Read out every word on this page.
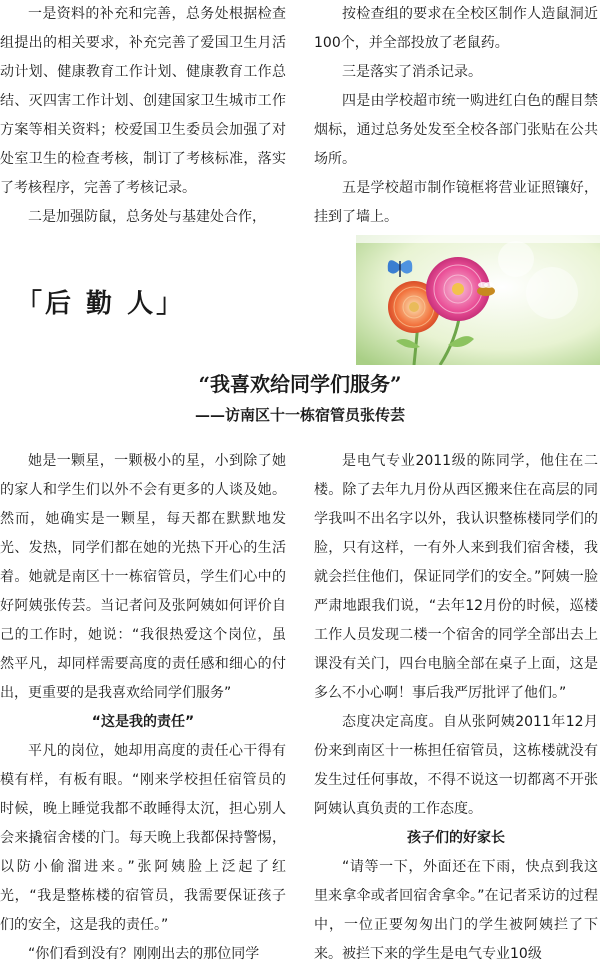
一是资料的补充和完善，总务处根据检查组提出的相关要求，补充完善了爱国卫生月活动计划、健康教育工作计划、健康教育工作总结、灭四害工作计划、创建国家卫生城市工作方案等相关资料；校爱国卫生委员会加强了对处室卫生的检查考核，制订了考核标准，落实了考核程序，完善了考核记录。

二是加强防鼠，总务处与基建处合作，

按检查组的要求在全校区制作人造鼠洞近100个，并全部投放了老鼠药。

三是落实了消杀记录。

四是由学校超市统一购进红白色的醒目禁烟标，通过总务处发至全校各部门张贴在公共场所。

五是学校超市制作镜框将营业证照镶好，挂到了墙上。

「后 勤 人」
“我喜欢给同学们服务”
——访南区十一栋宿管员张传芸

她是一颗星，一颗极小的星，小到除了她的家人和学生们以外不会有更多的人谈及她。然而，她确实是一颗星，每天都在默默地发光、发热，同学们都在她的光热下开心的生活着。她就是南区十一栋宿管员，学生们心中的好阿姨张传芸。当记者问及张阿姨如何评价自己的工作时，她说：“我很热爱这个岗位，虽然平凡，却同样需要高度的责任感和细心的付出，更重要的是我喜欢给同学们服务”

“这是我的责任”

平凡的岗位，她却用高度的责任心干得有模有样，有板有眼。“刚来学校担任宿管员的时候，晚上睡觉我都不敢睡得太沉，担心别人会来撬宿舍楼的门。每天晚上我都保持警惕，以防小偷溜进来。”张阿姨脸上泛起了红光，“我是整栋楼的宿管员，我需要保证孩子们的安全，这是我的责任。”

“你们看到没有？刚刚出去的那位同学

是电气专业2011级的陈同学，他住在二楼。除了去年九月份从西区搬来住在高层的同学我叫不出名字以外，我认识整栋楼同学们的脸，只有这样，一有外人来到我们宿舍楼，我就会拦住他们，保证同学们的安全。”阿姨一脸严肃地跟我们说，“去年12月份的时候，巡楼工作人员发现二楼一个宿舍的同学全部出去上课没有关门，四台电脑全部在桌子上面，这是多么不小心啊！事后我严厉批评了他们。”

态度决定高度。自从张阿姨2011年12月份来到南区十一栋担任宿管员，这栋楼就没有发生过任何事故，不得不说这一切都离不开张阿姨认真负责的工作态度。

孩子们的好家长

“请等一下，外面还在下雨，快点到我这里来拿伞或者回宿舍拿伞。”在记者采访的过程中，一位正要匆匆出门的学生被阿姨拦了下来。被拦下来的学生是电气专业10级
